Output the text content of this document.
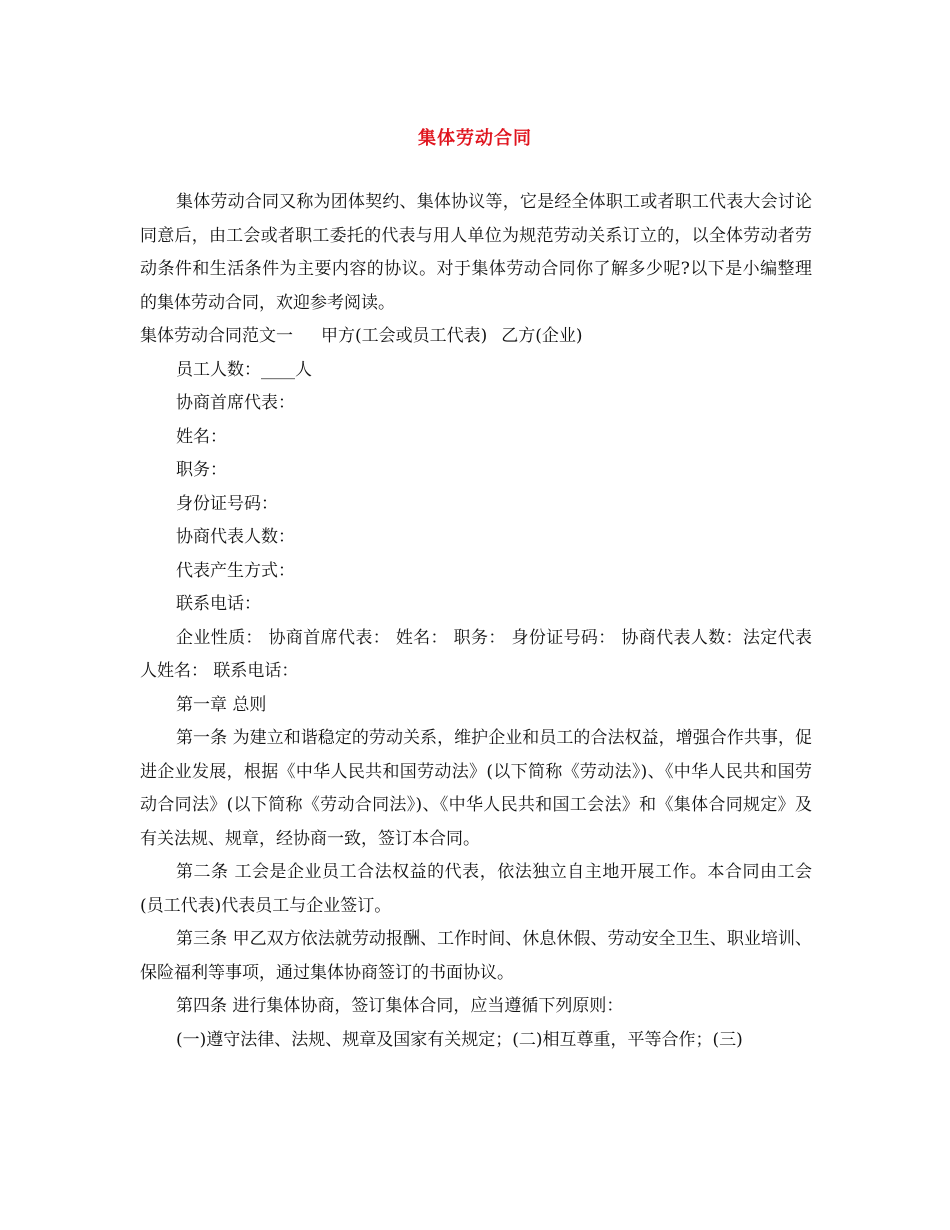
集体劳动合同

集体劳动合同又称为团体契约、集体协议等，它是经全体职工或者职工代表大会讨论同意后，由工会或者职工委托的代表与用人单位为规范劳动关系订立的，以全体劳动者劳动条件和生活条件为主要内容的协议。对于集体劳动合同你了解多少呢?以下是小编整理的集体劳动合同，欢迎参考阅读。

集体劳动合同范文一 甲方(工会或员工代表) 乙方(企业)

员工人数：____人

协商首席代表：

姓名：

职务：

身份证号码：

协商代表人数：

代表产生方式：

联系电话：

企业性质： 协商首席代表： 姓名： 职务： 身份证号码： 协商代表人数：法定代表人姓名： 联系电话：

第一章 总则

第一条 为建立和谐稳定的劳动关系，维护企业和员工的合法权益，增强合作共事，促进企业发展，根据《中华人民共和国劳动法》(以下简称《劳动法》)、《中华人民共和国劳动合同法》(以下简称《劳动合同法》)、《中华人民共和国工会法》和《集体合同规定》及有关法规、规章，经协商一致，签订本合同。

第二条 工会是企业员工合法权益的代表，依法独立自主地开展工作。本合同由工会(员工代表)代表员工与企业签订。

第三条 甲乙双方依法就劳动报酬、工作时间、休息休假、劳动安全卫生、职业培训、保险福利等事项，通过集体协商签订的书面协议。

第四条 进行集体协商，签订集体合同，应当遵循下列原则：

(一)遵守法律、法规、规章及国家有关规定；(二)相互尊重，平等合作；(三)
